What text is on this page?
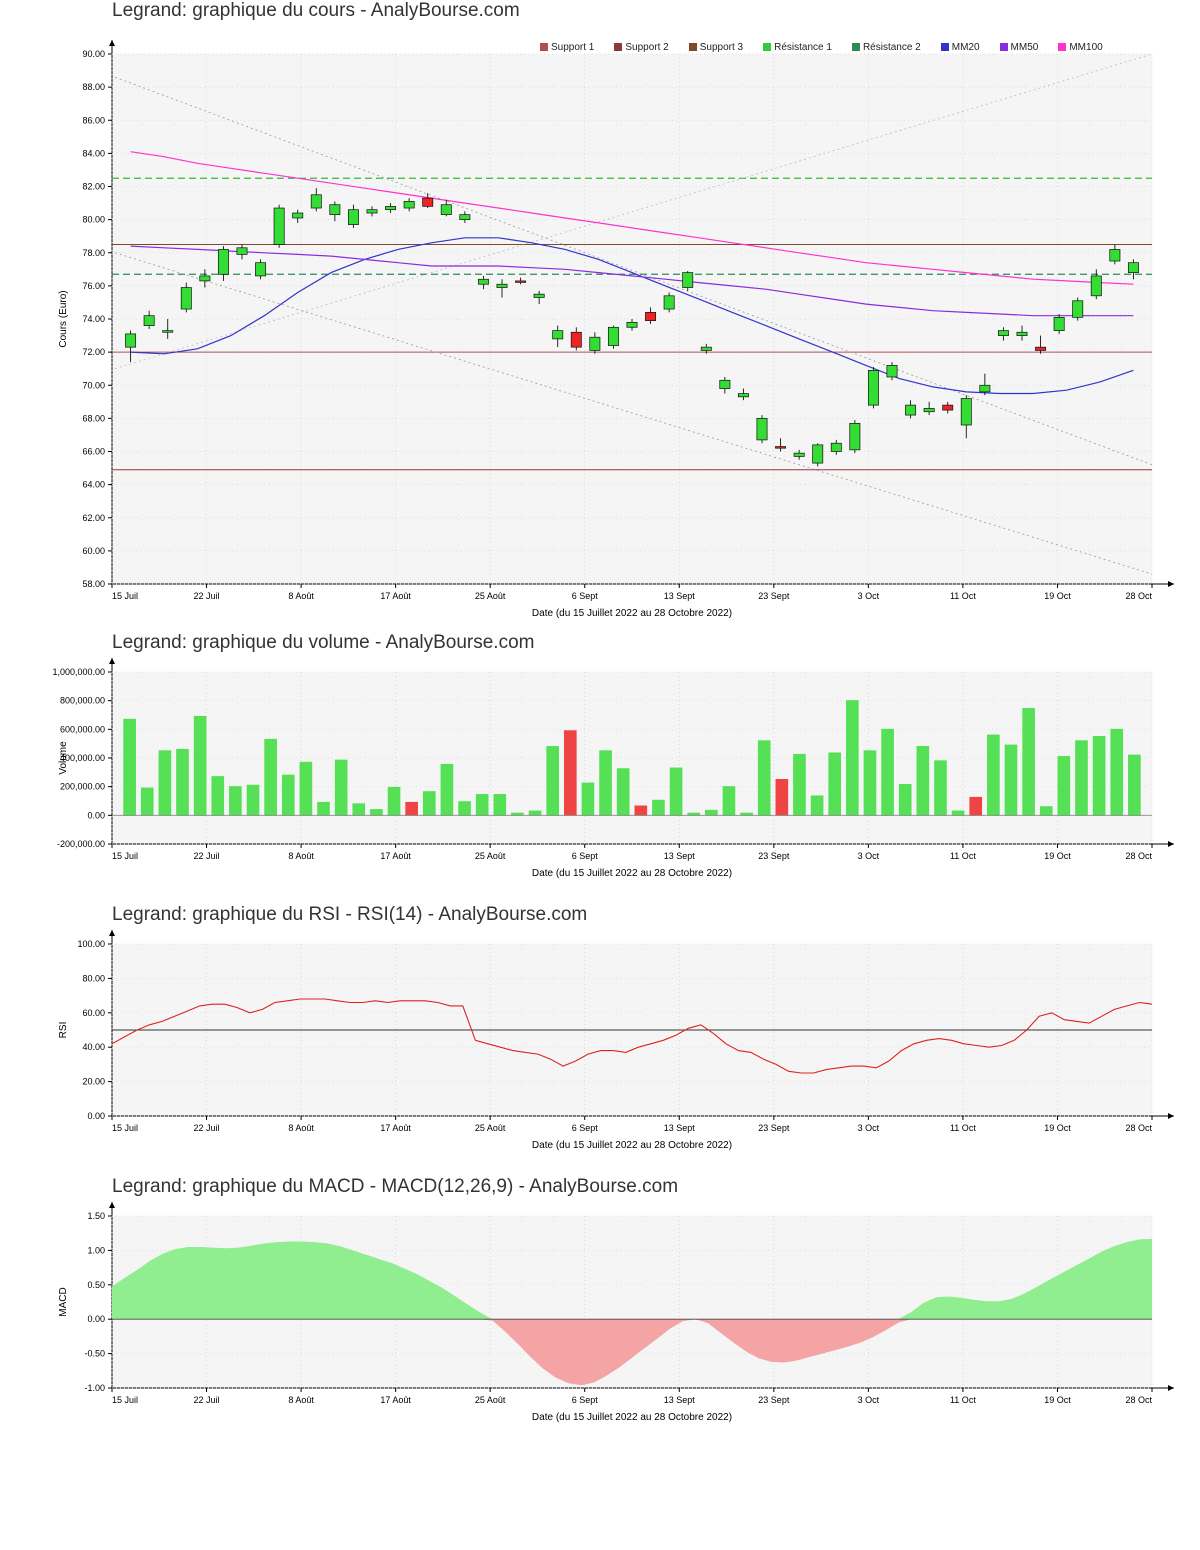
Legrand: graphique du cours - AnalyBourse.com
Support 1	Support 2	Support 3	Résistance 1	Résistance 2	MM20	MM50	MM100
58.00
60.00
62.00
64.00
66.00
68.00
70.00
72.00
74.00
76.00
78.00
80.00
82.00
84.00
86.00
88.00
90.00
15 Juil	22 Juil	8 Août	17 Août	25 Août	6 Sept	13 Sept	23 Sept	3 Oct	11 Oct	19 Oct	28 Oct
Date (du 15 Juillet 2022 au 28 Octobre 2022)
Cours (Euro)
Legrand: graphique du volume - AnalyBourse.com
-200,000.00
0.00
200,000.00
400,000.00
600,000.00
800,000.00
1,000,000.00
15 Juil	22 Juil	8 Août	17 Août	25 Août	6 Sept	13 Sept	23 Sept	3 Oct	11 Oct	19 Oct	28 Oct
Date (du 15 Juillet 2022 au 28 Octobre 2022)
Volume
Legrand: graphique du RSI - RSI(14) - AnalyBourse.com
0.00
20.00
40.00
60.00
80.00
100.00
15 Juil	22 Juil	8 Août	17 Août	25 Août	6 Sept	13 Sept	23 Sept	3 Oct	11 Oct	19 Oct	28 Oct
Date (du 15 Juillet 2022 au 28 Octobre 2022)
RSI
Legrand: graphique du MACD - MACD(12,26,9) - AnalyBourse.com
-1.00
-0.50
0.00
0.50
1.00
1.50
15 Juil	22 Juil	8 Août	17 Août	25 Août	6 Sept	13 Sept	23 Sept	3 Oct	11 Oct	19 Oct	28 Oct
Date (du 15 Juillet 2022 au 28 Octobre 2022)
MACD
